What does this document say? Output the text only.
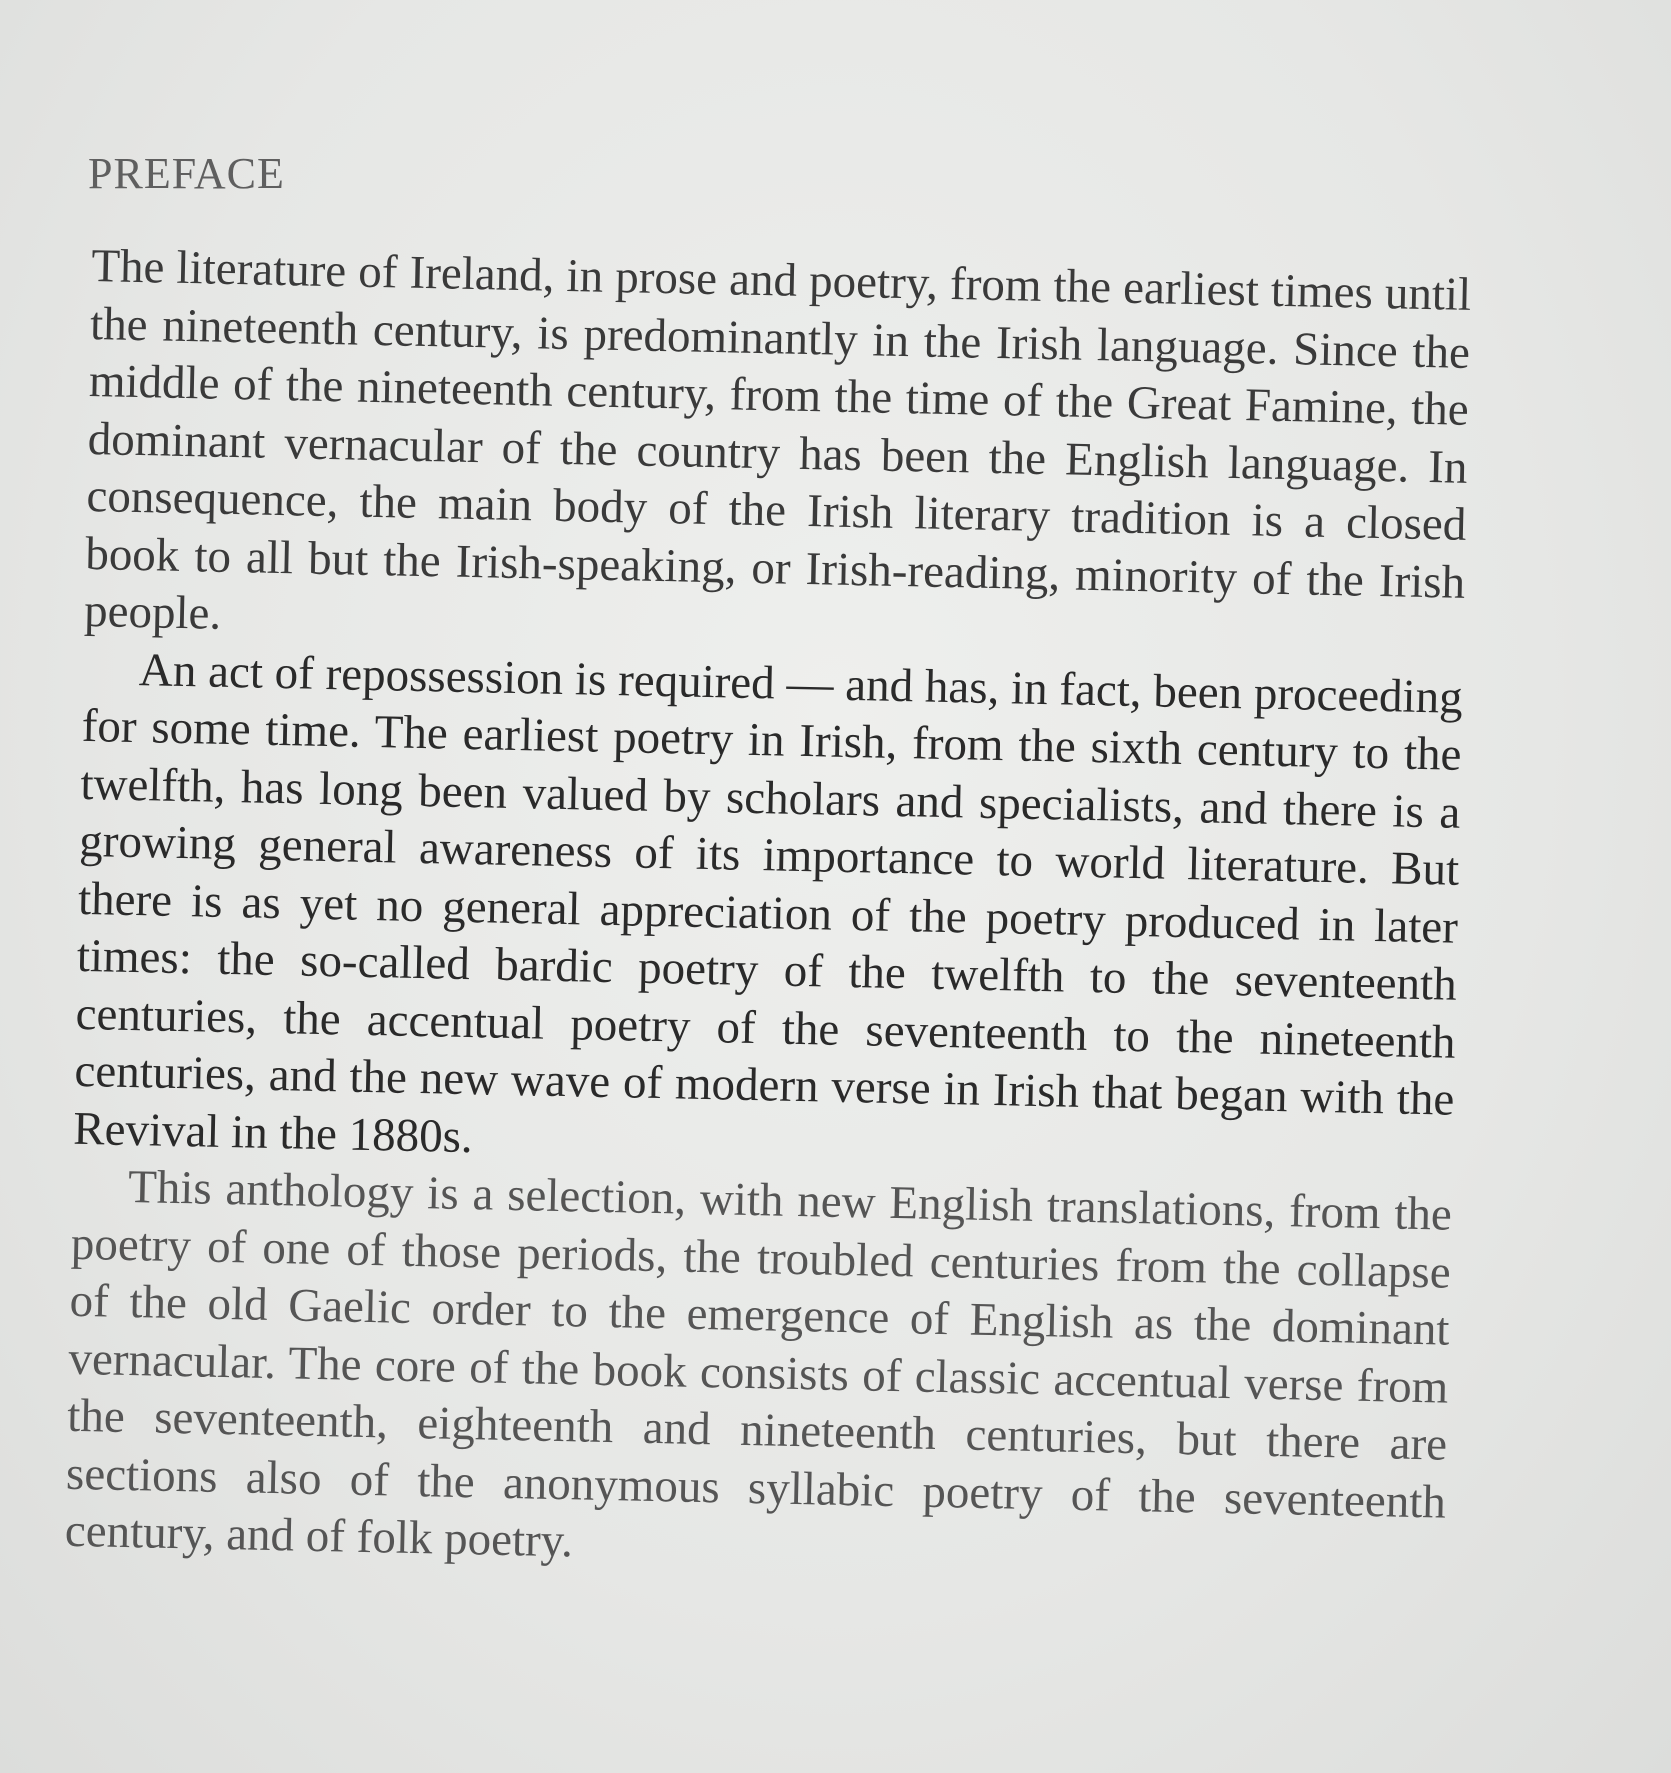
PREFACE

The literature of Ireland, in prose and poetry, from the earliest times until the nineteenth century, is predominantly in the Irish language. Since the middle of the nineteenth century, from the time of the Great Famine, the dominant vernacular of the country has been the English language. In consequence, the main body of the Irish literary tradition is a closed book to all but the Irish-speaking, or Irish-reading, minority of the Irish people.

An act of repossession is required — and has, in fact, been proceeding for some time. The earliest poetry in Irish, from the sixth century to the twelfth, has long been valued by scholars and specialists, and there is a growing general awareness of its importance to world literature. But there is as yet no general appreciation of the poetry produced in later times: the so-called bardic poetry of the twelfth to the seventeenth centuries, the accentual poetry of the seventeenth to the nineteenth centuries, and the new wave of modern verse in Irish that began with the Revival in the 1880s.

This anthology is a selection, with new English translations, from the poetry of one of those periods, the troubled centuries from the collapse of the old Gaelic order to the emergence of English as the dominant vernacular. The core of the book consists of classic accentual verse from the seventeenth, eighteenth and nineteenth centuries, but there are sections also of the anonymous syllabic poetry of the seventeenth century, and of folk poetry.
